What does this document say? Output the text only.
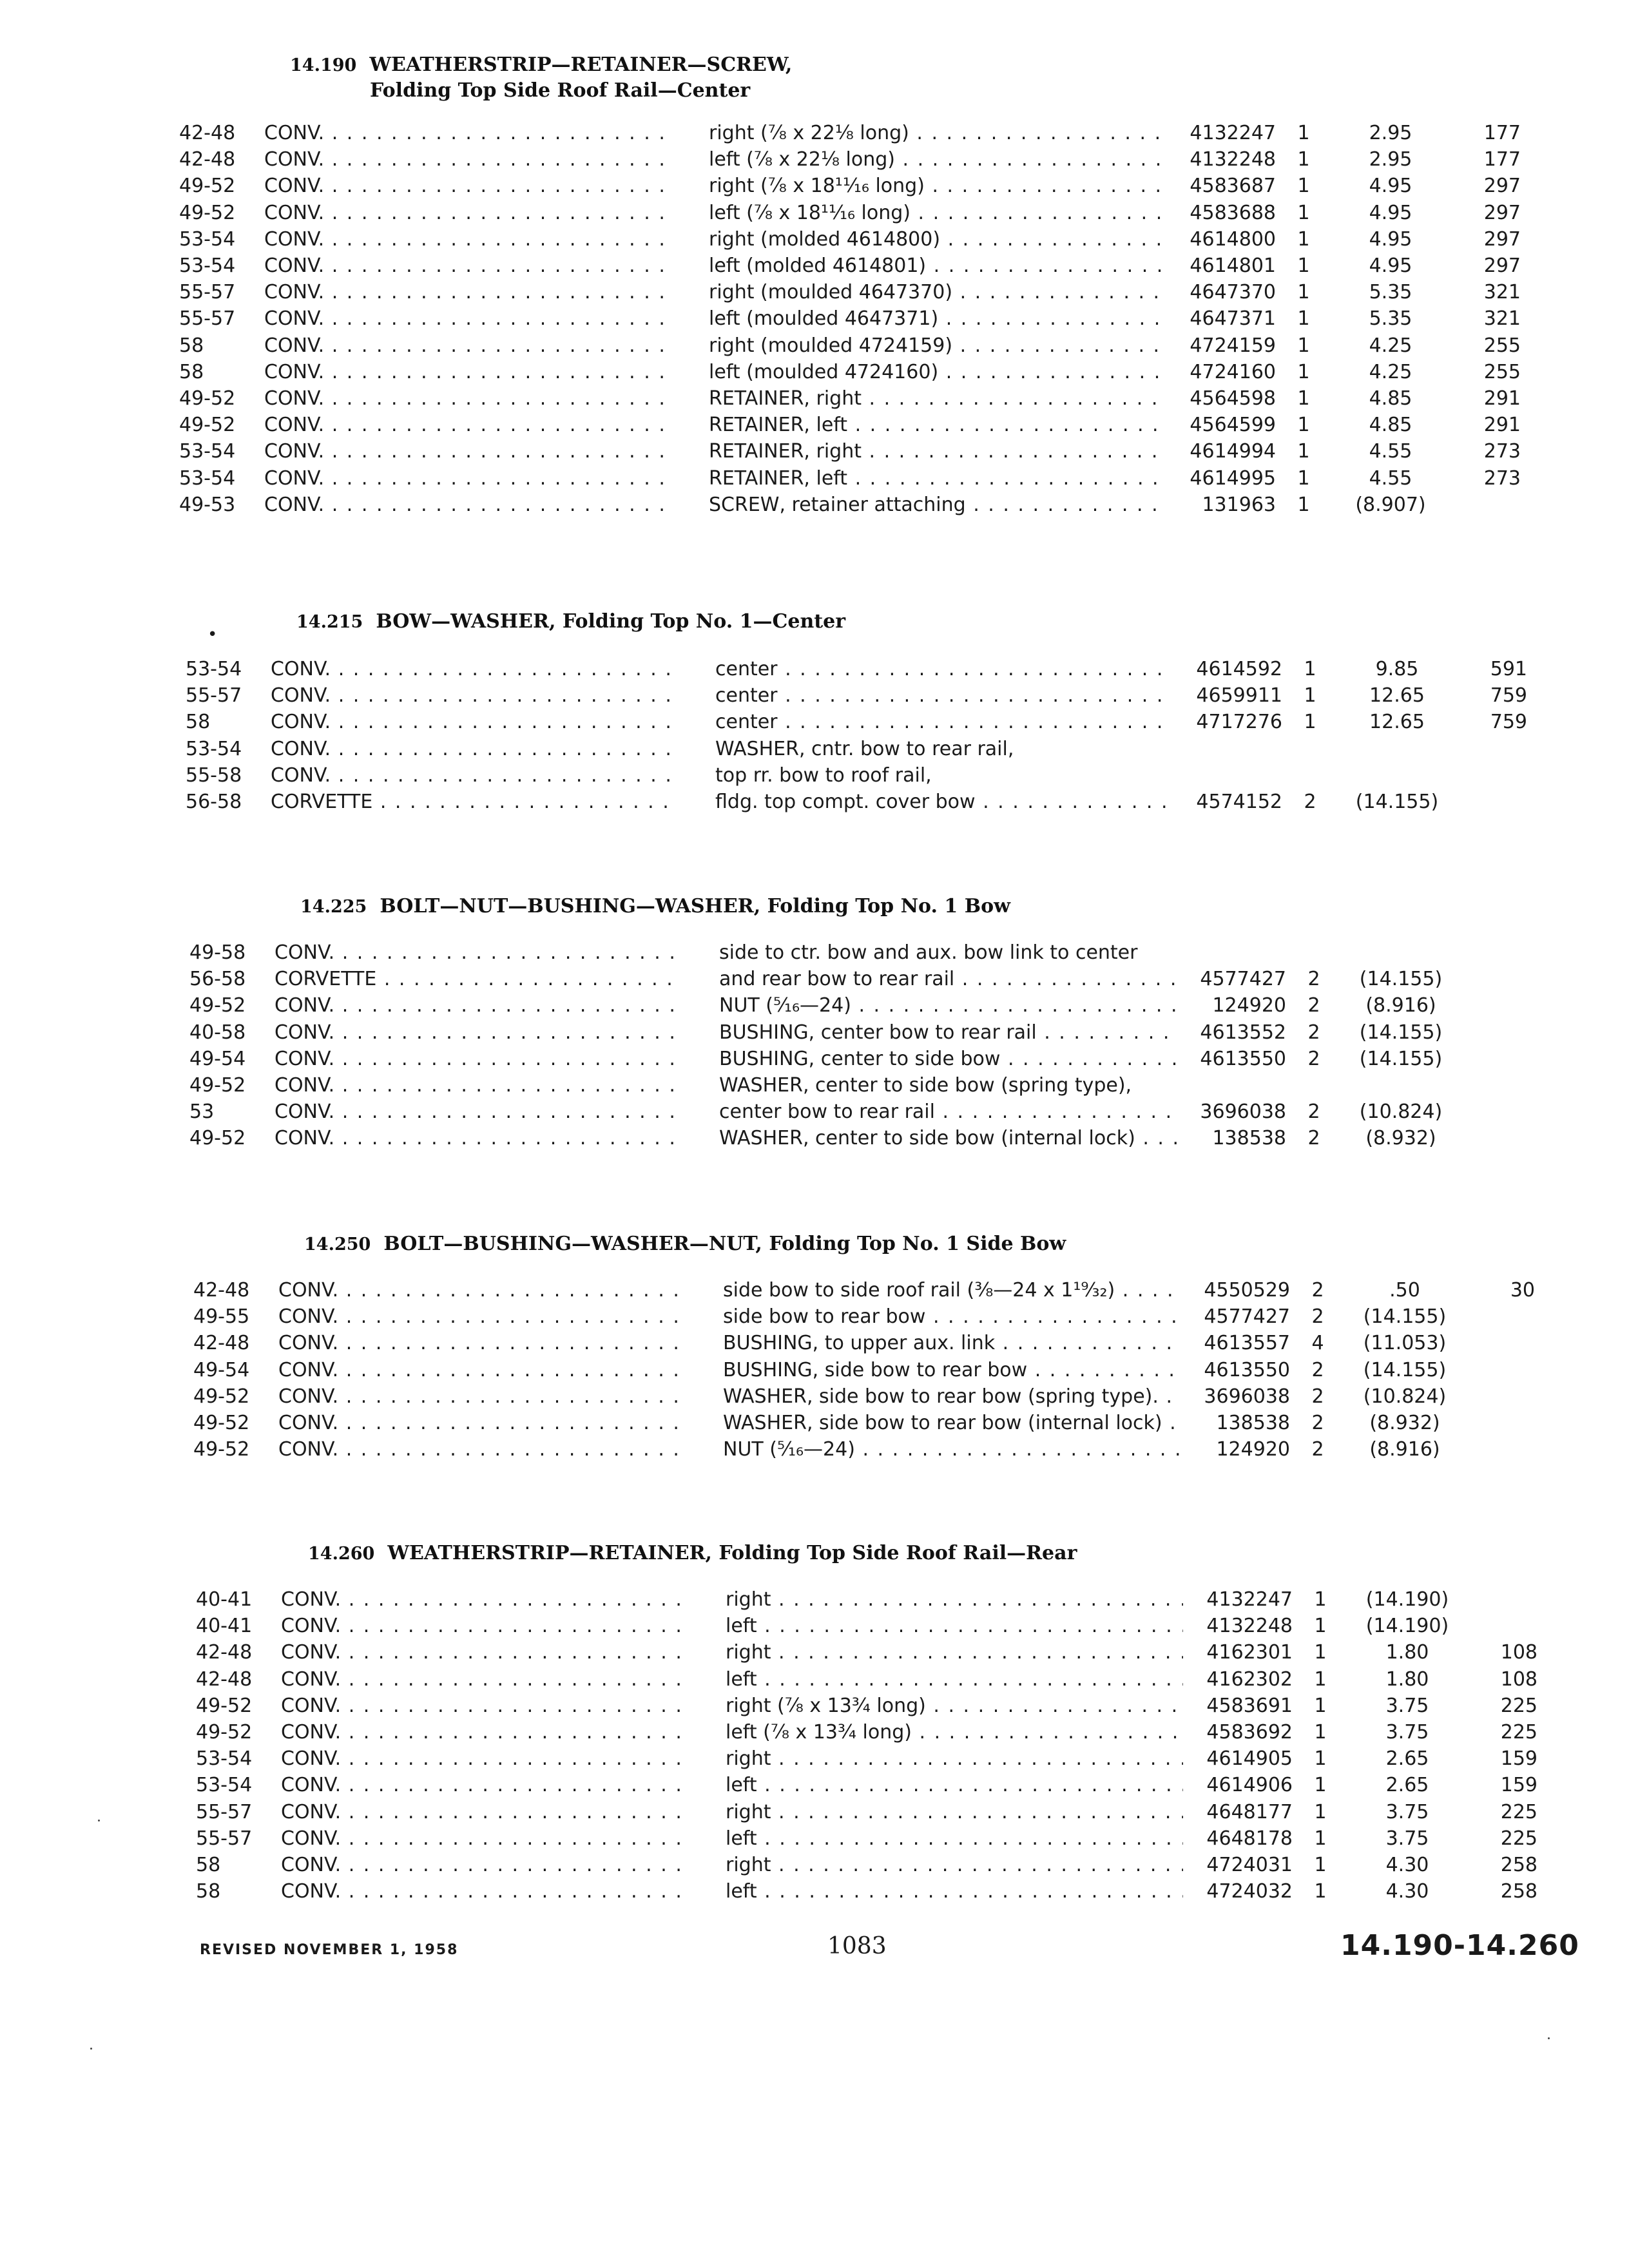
14.190 WEATHERSTRIP—RETAINER—SCREW,
Folding Top Side Roof Rail—Center
42-48 CONV. . . .	right (⅞ x 22⅛ long) . . .	4132247 1	2.95	177
42-48 CONV. . . .	left (⅞ x 22⅛ long) . . .	4132248 1	2.95	177
49-52 CONV. . . .	right (⅞ x 18¹¹⁄₁₆ long) . . .	4583687 1	4.95	297
49-52 CONV. . . .	left (⅞ x 18¹¹⁄₁₆ long) . . .	4583688 1	4.95	297
53-54 CONV. . . .	right (molded 4614800) . . .	4614800 1	4.95	297
53-54 CONV. . . .	left (molded 4614801) . . .	4614801 1	4.95	297
55-57 CONV. . . .	right (moulded 4647370) . . .	4647370 1	5.35	321
55-57 CONV. . . .	left (moulded 4647371) . . .	4647371 1	5.35	321
58	CONV. . . .	right (moulded 4724159) . . .	4724159 1	4.25	255
58	CONV. . . .	left (moulded 4724160) . . .	4724160 1	4.25	255
49-52 CONV. . . .	RETAINER, right . . .	4564598 1	4.85	291
49-52 CONV. . . .	RETAINER, left . . .	4564599 1	4.85	291
53-54 CONV. . . .	RETAINER, right . . .	4614994 1	4.55	273
53-54 CONV. . . .	RETAINER, left . . .	4614995 1	4.55	273
49-53 CONV. . . .	SCREW, retainer attaching . . .	131963 1	(8.907)
•
14.215 BOW—WASHER, Folding Top No. 1—Center
53-54 CONV. . . .	center . . .	4614592 1	9.85	591
55-57 CONV. . . .	center . . .	4659911 1	12.65	759
58	CONV. . . .	center . . .	4717276 1	12.65	759
53-54 CONV. . . .	WASHER, cntr. bow to rear rail,
55-58 CONV. . . .	top rr. bow to roof rail,
56-58 CORVETTE . . .	fldg. top compt. cover bow . . .	4574152 2	(14.155)
14.225 BOLT—NUT—BUSHING—WASHER, Folding Top No. 1 Bow
49-58 CONV. . . .	side to ctr. bow and aux. bow link to center
56-58 CORVETTE . . .	and rear bow to rear rail . . .	4577427 2	(14.155)
49-52 CONV. . . .	NUT (⁵⁄₁₆—24) . . .	124920 2	(8.916)
40-58 CONV. . . .	BUSHING, center bow to rear rail . . .	4613552 2	(14.155)
49-54 CONV. . . .	BUSHING, center to side bow . . .	4613550 2	(14.155)
49-52 CONV. . . .	WASHER, center to side bow (spring type),
53	CONV. . . .	center bow to rear rail . . .	3696038 2	(10.824)
49-52 CONV. . . .	WASHER, center to side bow (internal lock) . . .	138538 2	(8.932)
14.250 BOLT—BUSHING—WASHER—NUT, Folding Top No. 1 Side Bow
42-48 CONV. . . .	side bow to side roof rail (⅜—24 x 1¹⁹⁄₃₂) . . .	4550529 2	.50	30
49-55 CONV. . . .	side bow to rear bow . . .	4577427 2	(14.155)
42-48 CONV. . . .	BUSHING, to upper aux. link . . .	4613557 4	(11.053)
49-54 CONV. . . .	BUSHING, side bow to rear bow . . .	4613550 2	(14.155)
49-52 CONV. . . .	WASHER, side bow to rear bow (spring type). . . .	3696038 2	(10.824)
49-52 CONV. . . .	WASHER, side bow to rear bow (internal lock) . . .	138538 2	(8.932)
49-52 CONV. . . .	NUT (⁵⁄₁₆—24) . . .	124920 2	(8.916)
14.260 WEATHERSTRIP—RETAINER, Folding Top Side Roof Rail—Rear
40-41 CONV. . . .	right . . .	4132247 1	(14.190)
40-41 CONV. . . .	left . . .	4132248 1	(14.190)
42-48 CONV. . . .	right . . .	4162301 1	1.80	108
42-48 CONV. . . .	left . . .	4162302 1	1.80	108
49-52 CONV. . . .	right (⅞ x 13¾ long) . . .	4583691 1	3.75	225
49-52 CONV. . . .	left (⅞ x 13¾ long) . . .	4583692 1	3.75	225
53-54 CONV. . . .	right . . .	4614905 1	2.65	159
53-54 CONV. . . .	left . . .	4614906 1	2.65	159
55-57 CONV. . . .	right . . .	4648177 1	3.75	225
55-57 CONV. . . .	left . . .	4648178 1	3.75	225
58	CONV. . . .	right . . .	4724031 1	4.30	258
58	CONV. . . .	left . . .	4724032 1	4.30	258
REVISED NOVEMBER 1, 1958	1083	14.190-14.260
